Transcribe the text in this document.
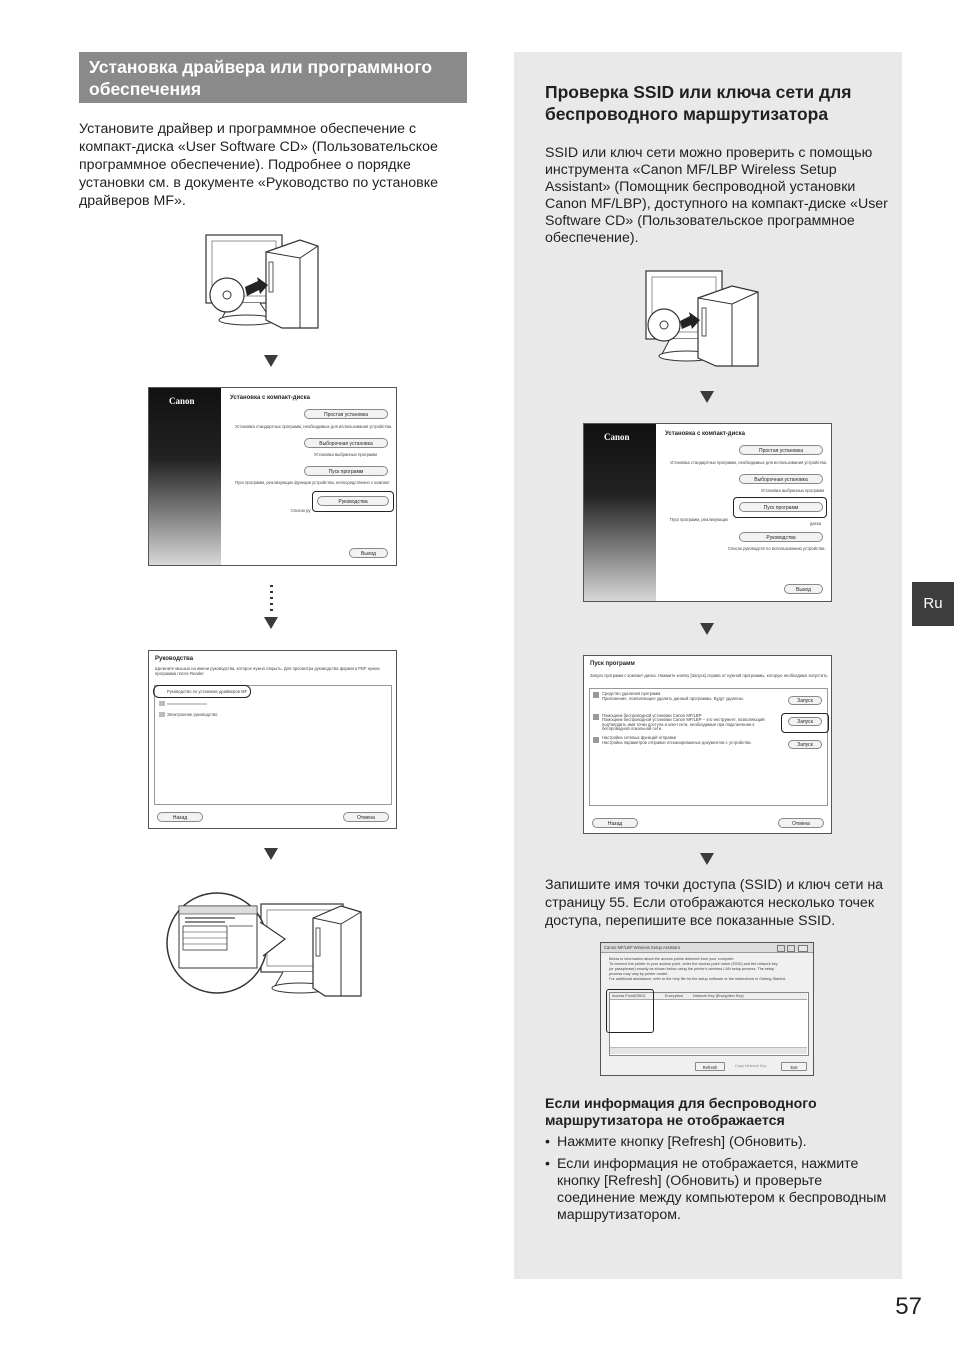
Установка драйвера или программного обеспечения
Установите драйвер и программное обеспечение с компакт-диска «User Software CD» (Пользовательское программное обеспечение). Подробнее о порядке установки см. в документе «Руководство по установке драйверов MF».
Canon	Установка с компакт-диска
Простая установка
Установка стандартных программ, необходимых для использования устройства.
Выборочная установка
Установка выбранных программ
Пуск программ
Пуск программ, реализующих функции устройства, непосредственно с компакт
Руководства
Список ру
Выход
Руководства
Щелкните мышью на имени руководства, которое нужно открыть. Для просмотра руководства формата PDF нужна программа после Reader.
Руководство по установке драйверов MF
Электронное руководство
Назад	Отмена
Проверка SSID или ключа сети для беспроводного маршрутизатора
SSID или ключ сети можно проверить с помощью инструмента «Canon MF/LBP Wireless Setup Assistant» (Помощник беспроводной установки Canon MF/LBP), доступного на компакт-диске «User Software CD» (Пользовательское программное обеспечение).
Canon	Установка с компакт-диска
Простая установка
Установка стандартных программ, необходимых для использования устройства.
Выборочная установка
Установка выбранных программ
Пуск программ
Пуск программ, реализующих
диска
Руководства
Список руководств по использованию устройства.
Выход
Пуск программ
Запуск программ с компакт-диска. Нажмите кнопку [Запуск] справа от нужной программы, которую необходимо запустить.
Средство удаления программ
Приложение, позволяющее удалить данный программы. Будут удалены.	Запуск
Помощник беспроводной установки Canon MF/LBP
Помощник беспроводной установки Canon MF/LBP – это инструмент, позволяющий подтвердить имя точки доступа и ключ сети, необходимые при подключении к беспроводной локальной сети.
Запуск
Настройка сетевых функций отправки
Настройка параметров отправки отсканированных документов с устройства.	Запуск
Назад	Отмена
Запишите имя точки доступа (SSID) и ключ сети на страницу 55. Если отображаются несколько точек доступа, перепишите все показанные SSID.
Canon MF/LBP Wireless Setup Assistant
Below is information about the access points detected from your computer.
To connect the printer to your access point, enter the access point name (SSID) and the network key
(or passphrase) exactly as shown below using the printer's wireless LAN setup process. The setup
process may vary by printer model.
For additional assistance, refer to the help file for the setup software or the instructions in Getting Started.
Access Point(SSID)	Encryption	Network Key (Encryption Key)
Refresh	Copy Network Key	Exit
Если информация для беспроводного маршрутизатора не отображается
• Нажмите кнопку [Refresh] (Обновить).
• Если информация не отображается, нажмите кнопку [Refresh] (Обновить) и проверьте соединение между компьютером к беспроводным маршрутизатором.
Ru
57
